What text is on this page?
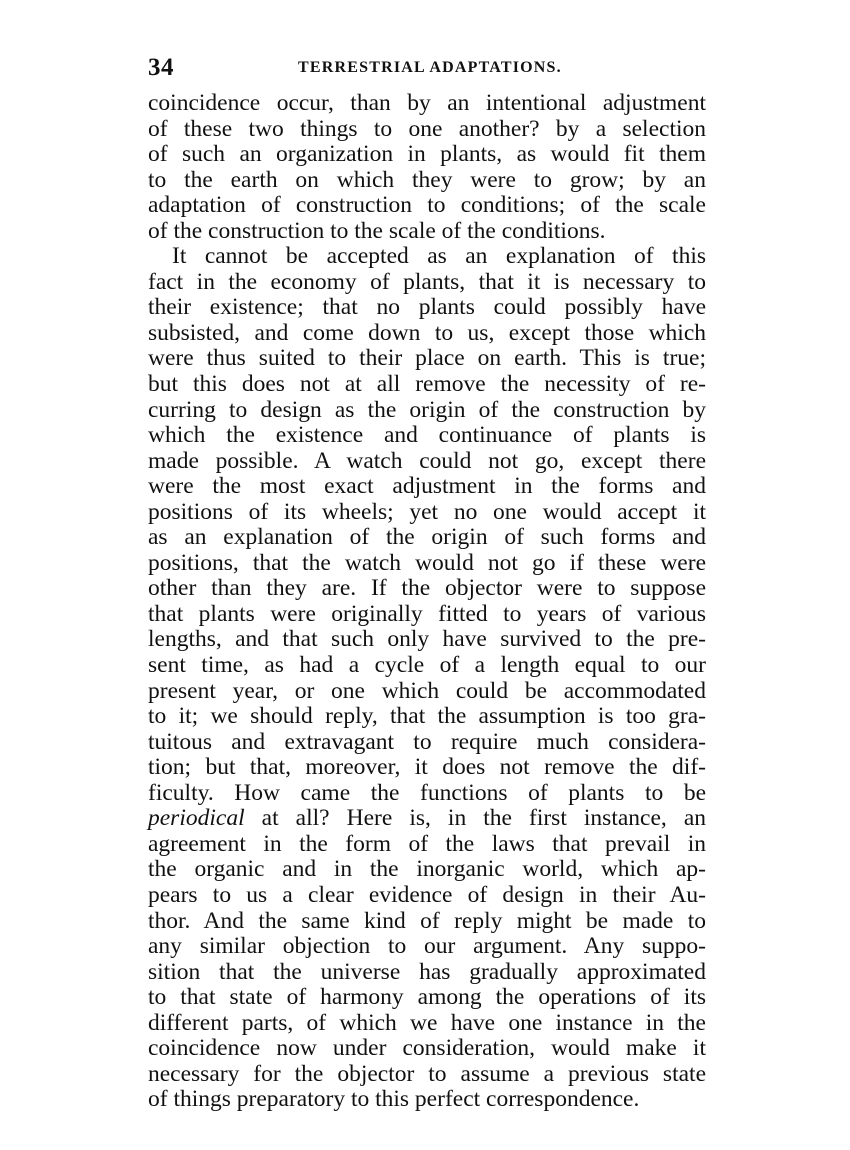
34	TERRESTRIAL ADAPTATIONS.
coincidence occur, than by an intentional adjustment
of these two things to one another? by a selection
of such an organization in plants, as would fit them
to the earth on which they were to grow; by an
adaptation of construction to conditions; of the scale
of the construction to the scale of the conditions.
It cannot be accepted as an explanation of this
fact in the economy of plants, that it is necessary to
their existence; that no plants could possibly have
subsisted, and come down to us, except those which
were thus suited to their place on earth. This is true;
but this does not at all remove the necessity of re-
curring to design as the origin of the construction by
which the existence and continuance of plants is
made possible. A watch could not go, except there
were the most exact adjustment in the forms and
positions of its wheels; yet no one would accept it
as an explanation of the origin of such forms and
positions, that the watch would not go if these were
other than they are. If the objector were to suppose
that plants were originally fitted to years of various
lengths, and that such only have survived to the pre-
sent time, as had a cycle of a length equal to our
present year, or one which could be accommodated
to it; we should reply, that the assumption is too gra-
tuitous and extravagant to require much considera-
tion; but that, moreover, it does not remove the dif-
ficulty. How came the functions of plants to be
periodical at all? Here is, in the first instance, an
agreement in the form of the laws that prevail in
the organic and in the inorganic world, which ap-
pears to us a clear evidence of design in their Au-
thor. And the same kind of reply might be made to
any similar objection to our argument. Any suppo-
sition that the universe has gradually approximated
to that state of harmony among the operations of its
different parts, of which we have one instance in the
coincidence now under consideration, would make it
necessary for the objector to assume a previous state
of things preparatory to this perfect correspondence.
